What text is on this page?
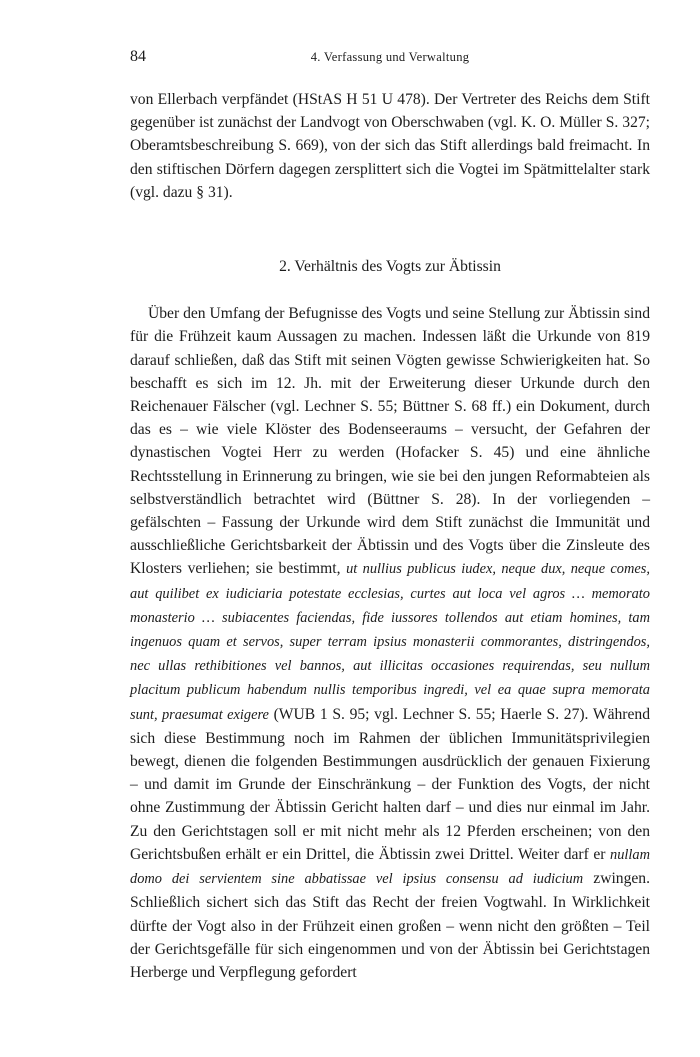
84	4. Verfassung und Verwaltung

von Ellerbach verpfändet (HStAS H 51 U 478). Der Vertreter des Reichs dem Stift gegenüber ist zunächst der Landvogt von Oberschwaben (vgl. K. O. Müller S. 327; Oberamtsbeschreibung S. 669), von der sich das Stift allerdings bald freimacht. In den stiftischen Dörfern dagegen zersplittert sich die Vogtei im Spätmittelalter stark (vgl. dazu § 31).

2. Verhältnis des Vogts zur Äbtissin

Über den Umfang der Befugnisse des Vogts und seine Stellung zur Äbtissin sind für die Frühzeit kaum Aussagen zu machen. Indessen läßt die Urkunde von 819 darauf schließen, daß das Stift mit seinen Vögten gewisse Schwierigkeiten hat. So beschafft es sich im 12. Jh. mit der Erweiterung dieser Urkunde durch den Reichenauer Fälscher (vgl. Lechner S. 55; Büttner S. 68 ff.) ein Dokument, durch das es – wie viele Klöster des Bodenseeraums – versucht, der Gefahren der dynastischen Vogtei Herr zu werden (Hofacker S. 45) und eine ähnliche Rechtsstellung in Erinnerung zu bringen, wie sie bei den jungen Reformabteien als selbstverständlich betrachtet wird (Büttner S. 28). In der vorliegenden – gefälschten – Fassung der Urkunde wird dem Stift zunächst die Immunität und ausschließliche Gerichtsbarkeit der Äbtissin und des Vogts über die Zinsleute des Klosters verliehen; sie bestimmt, ut nullius publicus iudex, neque dux, neque comes, aut quilibet ex iudiciaria potestate ecclesias, curtes aut loca vel agros … memorato monasterio … subiacentes faciendas, fide iussores tollendos aut etiam homines, tam ingenuos quam et servos, super terram ipsius monasterii commorantes, distringendos, nec ullas rethibitiones vel bannos, aut illicitas occasiones requirendas, seu nullum placitum publicum habendum nullis temporibus ingredi, vel ea quae supra memorata sunt, praesumat exigere (WUB 1 S. 95; vgl. Lechner S. 55; Haerle S. 27). Während sich diese Bestimmung noch im Rahmen der üblichen Immunitätsprivilegien bewegt, dienen die folgenden Bestimmungen ausdrücklich der genauen Fixierung – und damit im Grunde der Einschränkung – der Funktion des Vogts, der nicht ohne Zustimmung der Äbtissin Gericht halten darf – und dies nur einmal im Jahr. Zu den Gerichtstagen soll er mit nicht mehr als 12 Pferden erscheinen; von den Gerichtsbußen erhält er ein Drittel, die Äbtissin zwei Drittel. Weiter darf er nullam domo dei servientem sine abbatissae vel ipsius consensu ad iudicium zwingen. Schließlich sichert sich das Stift das Recht der freien Vogtwahl. In Wirklichkeit dürfte der Vogt also in der Frühzeit einen großen – wenn nicht den größten – Teil der Gerichtsgefälle für sich eingenommen und von der Äbtissin bei Gerichtstagen Herberge und Verpflegung gefordert
